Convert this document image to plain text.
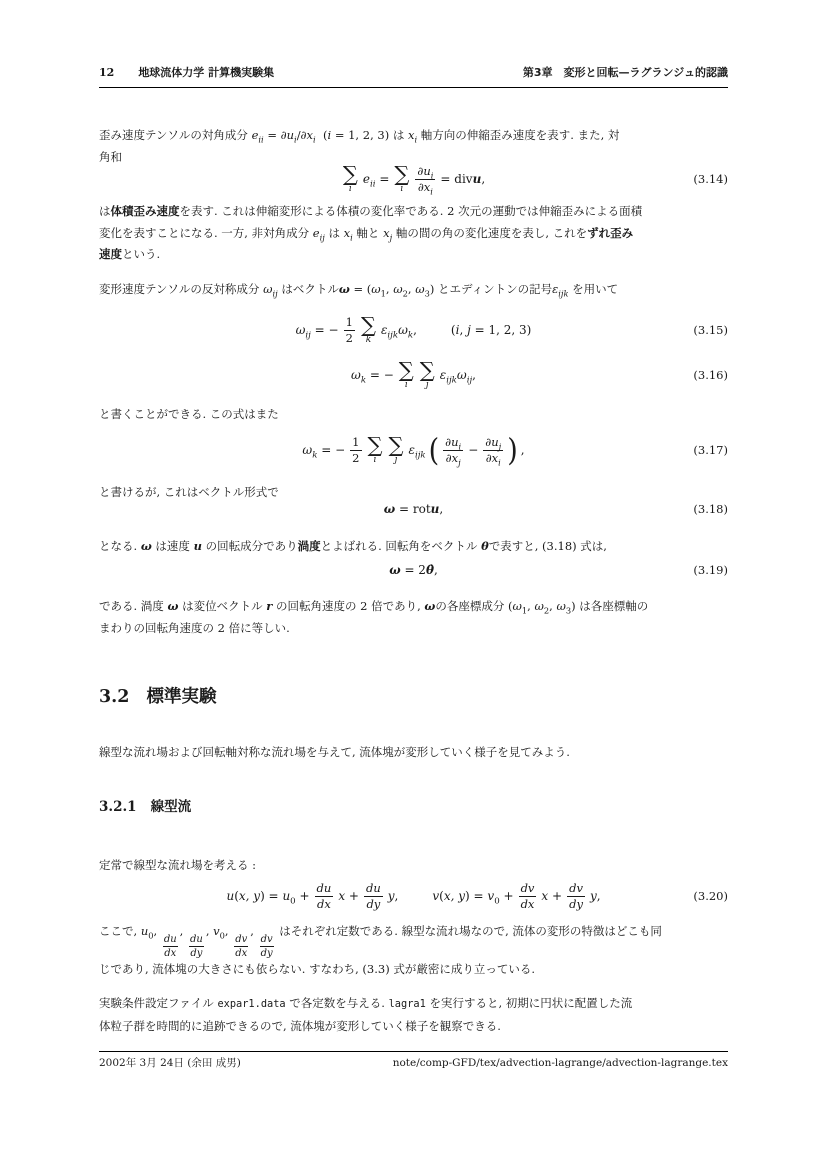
12 地球流体力学 計算機実験集	第3章　変形と回転—ラグランジュ的認識

歪み速度テンソルの対角成分 $e_{ii} = \partial u_i/\partial x_i$  (i = 1, 2, 3) は $x_i$ 軸方向の伸縮歪み速度を表す. また, 対
角和

∑
i
$e_{ii}$ = ∑
i $\frac{\partial u_i}{\partial x_i}$ = divu,	(3.14)

は体積歪み速度を表す. これは伸縮変形による体積の変化率である. 2 次元の運動では伸縮歪みによる面積
変化を表すことになる. 一方, 非対角成分 $e_{ij}$ は $x_i$ 軸と $x_j$ 軸の間の角の変化速度を表し, これをずれ歪み
速度という.

変形速度テンソルの反対称成分 $\omega_{ij}$ はベクトル$\omega = (\omega_1$, $\omega_2$, $\omega_3$) とエディントンの記号$\varepsilon_{ijk}$ を用いて

$\omega_{ij}$ = − $\frac{1}{2}$ ∑
k
$\varepsilon_{ijk}\omega_k$,	(i, j = 1, 2, 3)	(3.15)
$\omega_k$ = − ∑
i
∑
j
$\varepsilon_{ijk}\omega_{ij}$,	(3.16)

と書くことができる. この式はまた

$\omega_k$ = − $\frac{1}{2}$ ∑
i
∑
j
$\varepsilon_{ijk}$ ( $\frac{\partial u_i}{\partial x_j} - \frac{\partial u_j}{\partial x_i}$ ) ,	(3.17)

と書けるが, これはベクトル形式で

ω = rotu,	(3.18)

となる. ω は速度 u の回転成分であり渦度とよばれる. 回転角をベクトル θで表すと, (3.18) 式は,

ω = 2θ̇,	(3.19)

である. 渦度 ω は変位ベクトル r の回転角速度の 2 倍であり, ωの各座標成分 ($\omega_1$, $\omega_2$, $\omega_3$) は各座標軸の
まわりの回転角速度の 2 倍に等しい.

3.2 標準実験

線型な流れ場および回転軸対称な流れ場を与えて, 流体塊が変形していく様子を見てみよう.

3.2.1 線型流

定常で線型な流れ場を考える :

u(x, $y) = u_0 + \frac{du}{dx}$ $x + \frac{du}{dy} y$,	v(x, $y) = v_0 + \frac{dv}{dx}$ $x + \frac{dv}{dy} y$,	(3.20)

ここで, $u_0$,
$\frac{du}{dx}$
,
$\frac{du}{dy}$
, $v_0$,
$\frac{dv}{dx}$
,
$\frac{dv}{dy}$
はそれぞれ定数である. 線型な流れ場なので, 流体の変形の特徴はどこも同
じであり, 流体塊の大きさにも依らない. すなわち, (3.3) 式が厳密に成り立っている.

実験条件設定ファイル expar1.data で各定数を与える. lagra1 を実行すると, 初期に円状に配置した流
体粒子群を時間的に追跡できるので, 流体塊が変形していく様子を観察できる.

2002年 3月 24日 (余田 成男)	note/comp-GFD/tex/advection-lagrange/advection-lagrange.tex
